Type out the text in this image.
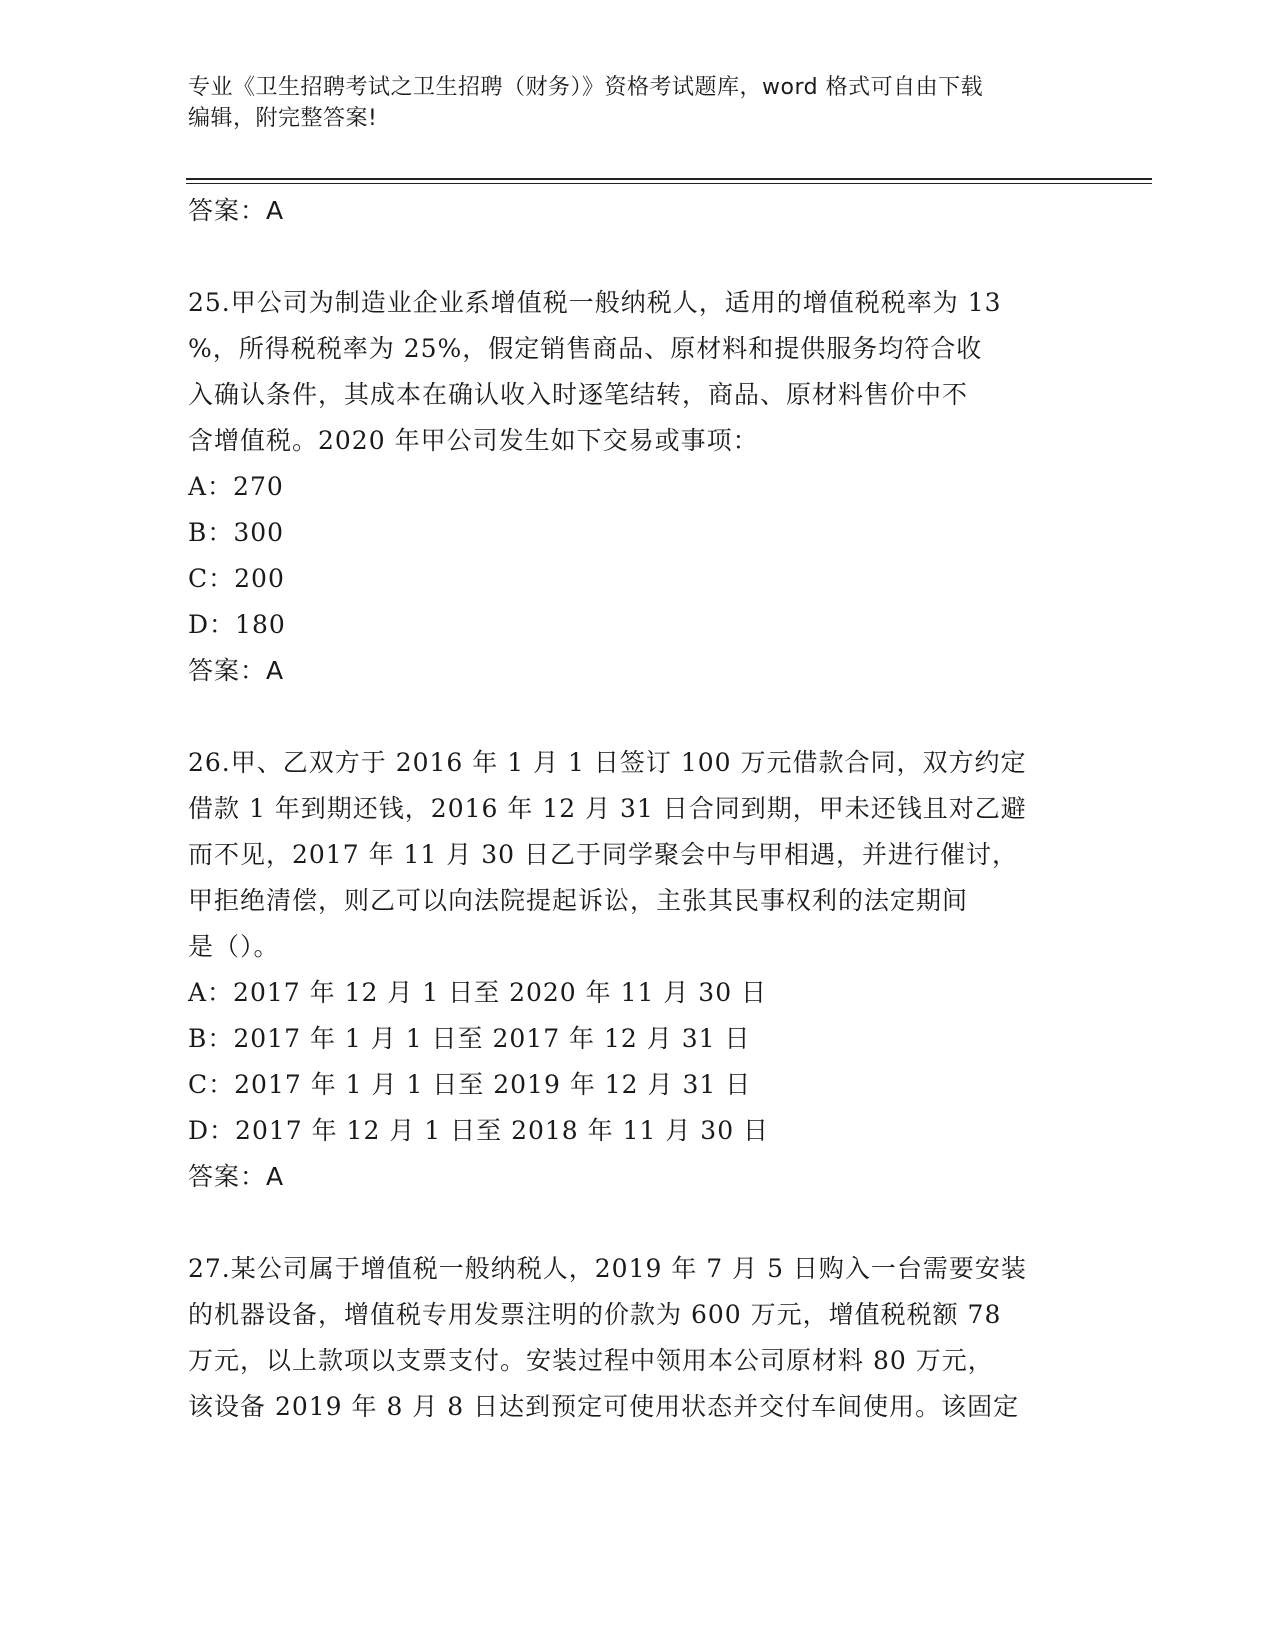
专业《卫生招聘考试之卫生招聘（财务）》资格考试题库，word 格式可自由下载
编辑，附完整答案!
答案：A
25.甲公司为制造业企业系增值税一般纳税人，适用的增值税税率为 13
%，所得税税率为 25%，假定销售商品、原材料和提供服务均符合收
入确认条件，其成本在确认收入时逐笔结转，商品、原材料售价中不
含增值税。2020 年甲公司发生如下交易或事项：
A：270
B：300
C：200
D：180
答案：A
26.甲、乙双方于 2016 年 1 月 1 日签订 100 万元借款合同，双方约定
借款 1 年到期还钱，2016 年 12 月 31 日合同到期，甲未还钱且对乙避
而不见，2017 年 11 月 30 日乙于同学聚会中与甲相遇，并进行催讨，
甲拒绝清偿，则乙可以向法院提起诉讼，主张其民事权利的法定期间
是（）。
A：2017 年 12 月 1 日至 2020 年 11 月 30 日
B：2017 年 1 月 1 日至 2017 年 12 月 31 日
C：2017 年 1 月 1 日至 2019 年 12 月 31 日
D：2017 年 12 月 1 日至 2018 年 11 月 30 日
答案：A
27.某公司属于增值税一般纳税人，2019 年 7 月 5 日购入一台需要安装
的机器设备，增值税专用发票注明的价款为 600 万元，增值税税额 78
万元，以上款项以支票支付。安装过程中领用本公司原材料 80 万元，
该设备 2019 年 8 月 8 日达到预定可使用状态并交付车间使用。该固定
